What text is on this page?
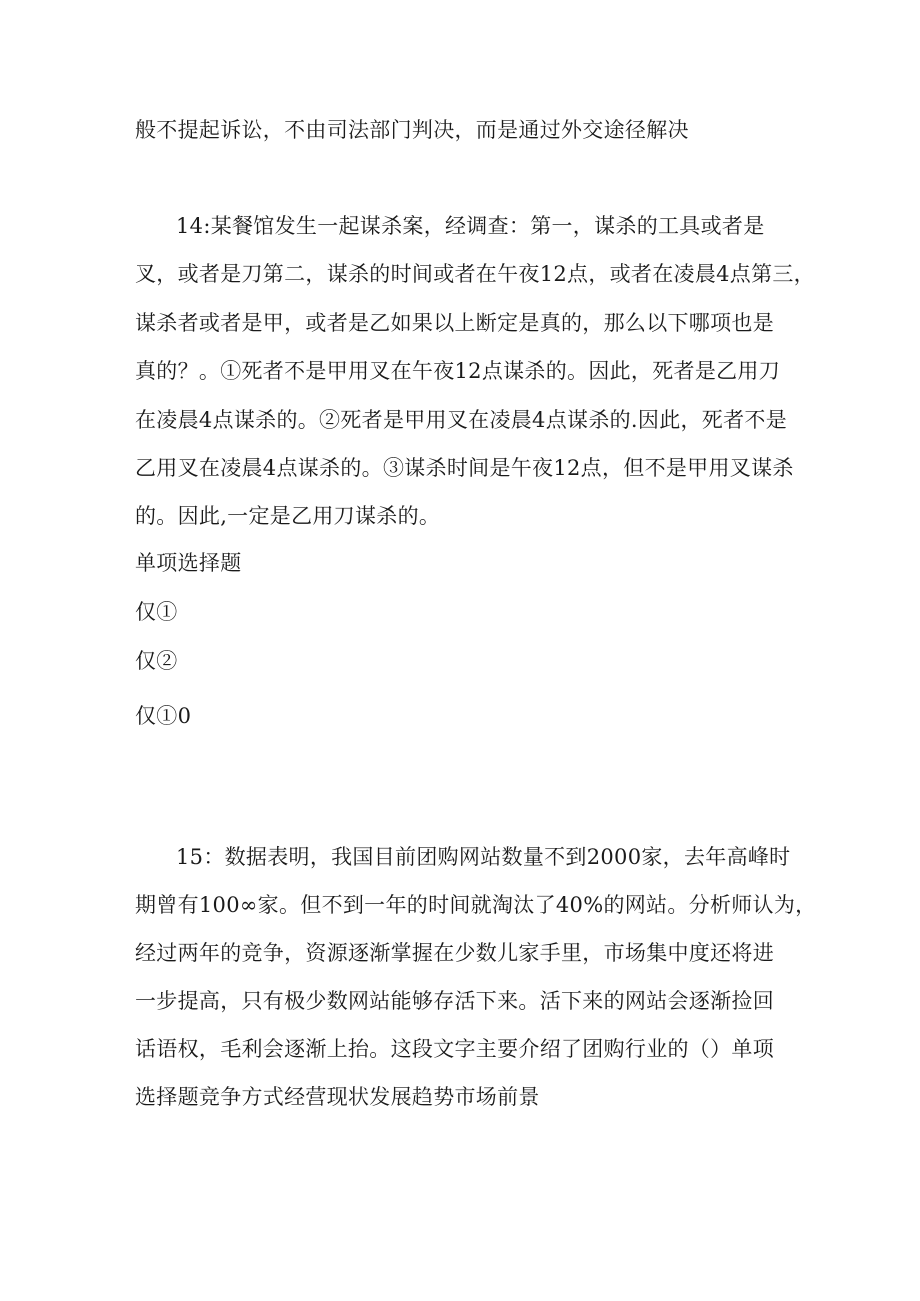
般不提起诉讼，不由司法部门判决，而是通过外交途径解决
14:某餐馆发生一起谋杀案，经调查：第一，谋杀的工具或者是
叉，或者是刀第二，谋杀的时间或者在午夜12点，或者在凌晨4点第三，
谋杀者或者是甲，或者是乙如果以上断定是真的，那么以下哪项也是
真的？。①死者不是甲用叉在午夜12点谋杀的。因此，死者是乙用刀
在凌晨4点谋杀的。②死者是甲用叉在凌晨4点谋杀的.因此，死者不是
乙用叉在凌晨4点谋杀的。③谋杀时间是午夜12点，但不是甲用叉谋杀
的。因此,一定是乙用刀谋杀的。
单项选择题
仅①
仅②
仅①0
15：数据表明，我国目前团购网站数量不到2000家，去年高峰时
期曾有100∞家。但不到一年的时间就淘汰了40%的网站。分析师认为，
经过两年的竞争，资源逐渐掌握在少数儿家手里，市场集中度还将进
一步提高，只有极少数网站能够存活下来。活下来的网站会逐渐捡回
话语权，毛利会逐渐上抬。这段文字主要介绍了团购行业的（）单项
选择题竞争方式经营现状发展趋势市场前景
